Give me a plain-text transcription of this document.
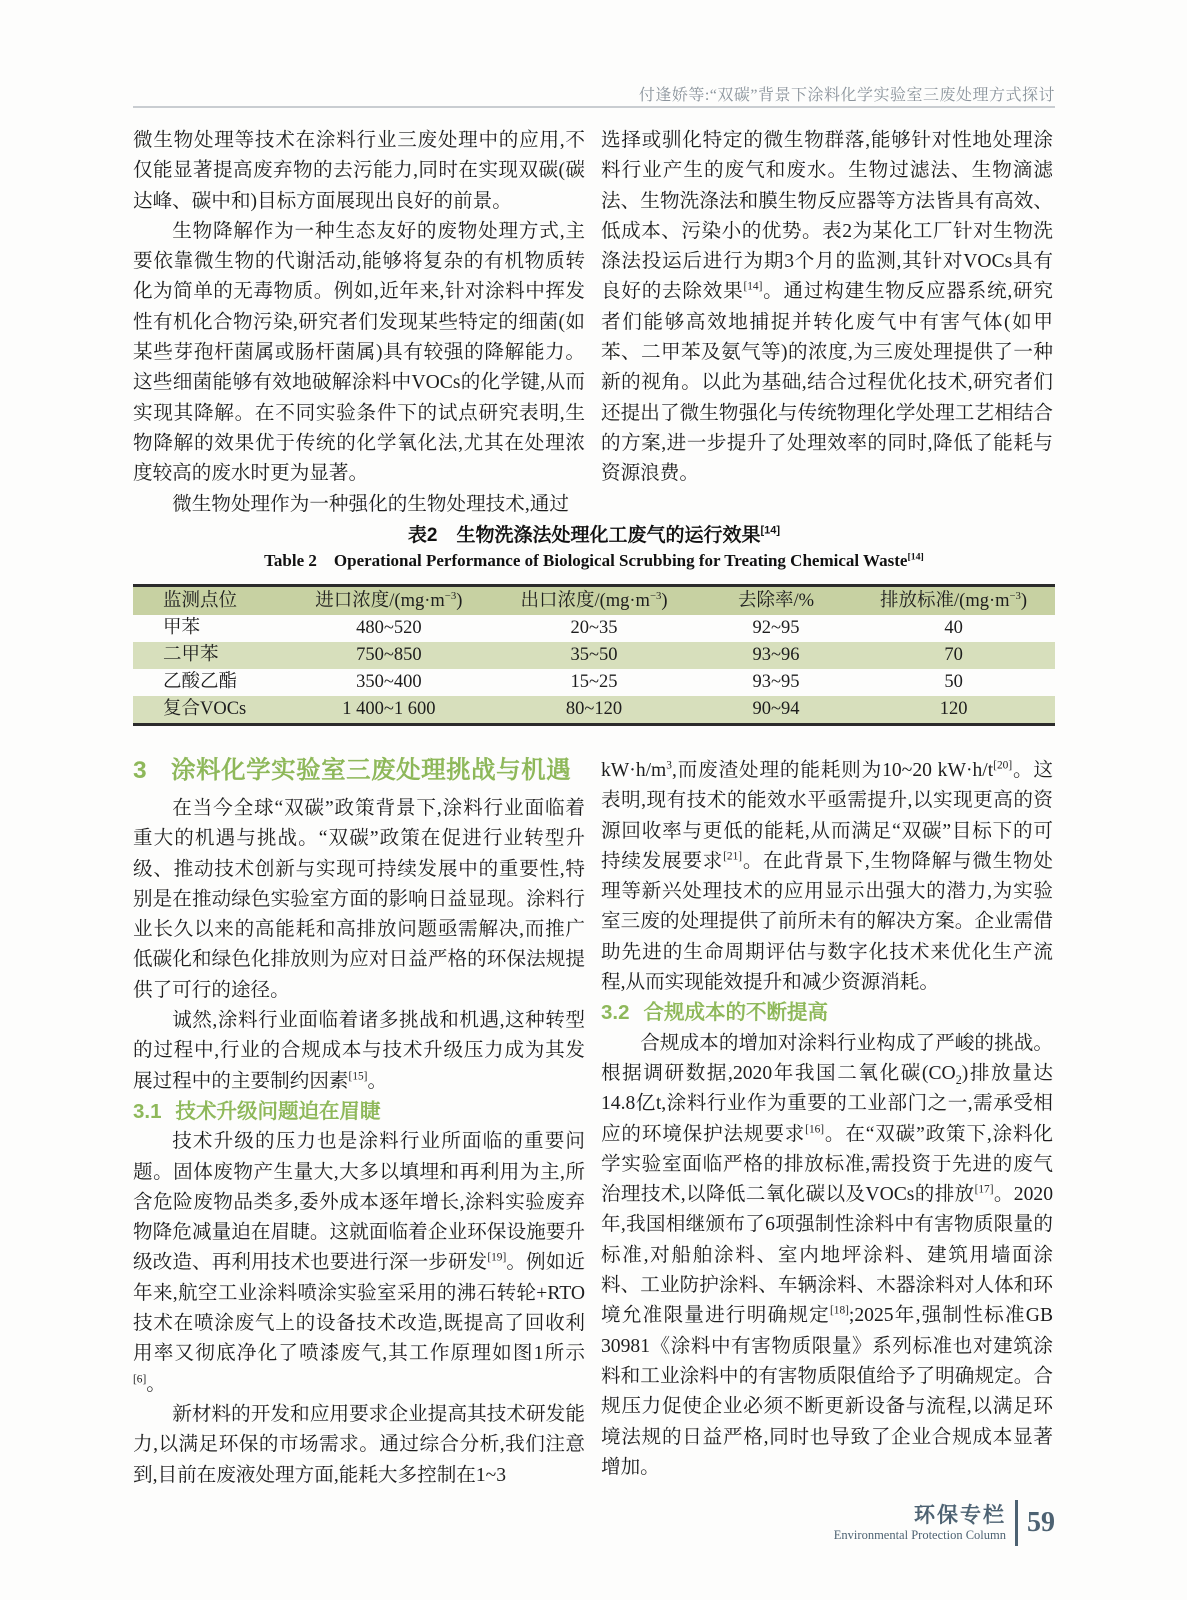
付逢娇等:“双碳”背景下涂料化学实验室三废处理方式探讨

微生物处理等技术在涂料行业三废处理中的应用,不仅能显著提高废弃物的去污能力,同时在实现双碳(碳达峰、碳中和)目标方面展现出良好的前景。

生物降解作为一种生态友好的废物处理方式,主要依靠微生物的代谢活动,能够将复杂的有机物质转化为简单的无毒物质。例如,近年来,针对涂料中挥发性有机化合物污染,研究者们发现某些特定的细菌(如某些芽孢杆菌属或肠杆菌属)具有较强的降解能力。这些细菌能够有效地破解涂料中VOCs的化学键,从而实现其降解。在不同实验条件下的试点研究表明,生物降解的效果优于传统的化学氧化法,尤其在处理浓度较高的废水时更为显著。

微生物处理作为一种强化的生物处理技术,通过

选择或驯化特定的微生物群落,能够针对性地处理涂料行业产生的废气和废水。生物过滤法、生物滴滤法、生物洗涤法和膜生物反应器等方法皆具有高效、低成本、污染小的优势。表2为某化工厂针对生物洗涤法投运后进行为期3个月的监测,其针对VOCs具有良好的去除效果[14]。通过构建生物反应器系统,研究者们能够高效地捕捉并转化废气中有害气体(如甲苯、二甲苯及氨气等)的浓度,为三废处理提供了一种新的视角。以此为基础,结合过程优化技术,研究者们还提出了微生物强化与传统物理化学处理工艺相结合的方案,进一步提升了处理效率的同时,降低了能耗与资源浪费。

表2　生物洗涤法处理化工废气的运行效果[14]
Table 2　Operational Performance of Biological Scrubbing for Treating Chemical Waste[14]
监测点位	进口浓度$/(mg\cdot m^{-3})$	出口浓度$/(mg\cdot m^{-3})$	去除率/%	排放标准$/(mg\cdot m^{-3})$
甲苯	480~520	20~35	92~95	40
二甲苯	750~850	35~50	93~96	70
乙酸乙酯	350~400	15~25	93~95	50
复合VOCs	1 400~1 600	80~120	90~94	120
3 涂料化学实验室三废处理挑战与机遇

在当今全球“双碳”政策背景下,涂料行业面临着重大的机遇与挑战。“双碳”政策在促进行业转型升级、推动技术创新与实现可持续发展中的重要性,特别是在推动绿色实验室方面的影响日益显现。涂料行业长久以来的高能耗和高排放问题亟需解决,而推广低碳化和绿色化排放则为应对日益严格的环保法规提供了可行的途径。

诚然,涂料行业面临着诸多挑战和机遇,这种转型的过程中,行业的合规成本与技术升级压力成为其发展过程中的主要制约因素[15]。

3.1 技术升级问题迫在眉睫

技术升级的压力也是涂料行业所面临的重要问题。固体废物产生量大,大多以填埋和再利用为主,所含危险废物品类多,委外成本逐年增长,涂料实验废弃物降危减量迫在眉睫。这就面临着企业环保设施要升级改造、再利用技术也要进行深一步研发[19]。例如近年来,航空工业涂料喷涂实验室采用的沸石转轮+RTO技术在喷涂废气上的设备技术改造,既提高了回收利用率又彻底净化了喷漆废气,其工作原理如图1所示[6]。

新材料的开发和应用要求企业提高其技术研发能力,以满足环保的市场需求。通过综合分析,我们注意到,目前在废液处理方面,能耗大多控制在1~3

$kW\cdot h/m^3$,而废渣处理的能耗则为10~20 kW·h/t[20]。这表明,现有技术的能效水平亟需提升,以实现更高的资源回收率与更低的能耗,从而满足“双碳”目标下的可持续发展要求[21]。在此背景下,生物降解与微生物处理等新兴处理技术的应用显示出强大的潜力,为实验室三废的处理提供了前所未有的解决方案。企业需借助先进的生命周期评估与数字化技术来优化生产流程,从而实现能效提升和减少资源消耗。

3.2 合规成本的不断提高

合规成本的增加对涂料行业构成了严峻的挑战。根据调研数据,2020年我国二氧化碳$(CO_2)$排放量达14.8亿t,涂料行业作为重要的工业部门之一,需承受相应的环境保护法规要求[16]。在“双碳”政策下,涂料化学实验室面临严格的排放标准,需投资于先进的废气治理技术,以降低二氧化碳以及VOCs的排放[17]。2020年,我国相继颁布了6项强制性涂料中有害物质限量的标准,对船舶涂料、室内地坪涂料、建筑用墙面涂料、工业防护涂料、车辆涂料、木器涂料对人体和环境允准限量进行明确规定[18];2025年,强制性标准GB 30981《涂料中有害物质限量》系列标准也对建筑涂料和工业涂料中的有害物质限值给予了明确规定。合规压力促使企业必须不断更新设备与流程,以满足环境法规的日益严格,同时也导致了企业合规成本显著增加。

环保专栏
Environmental Protection Column 59
